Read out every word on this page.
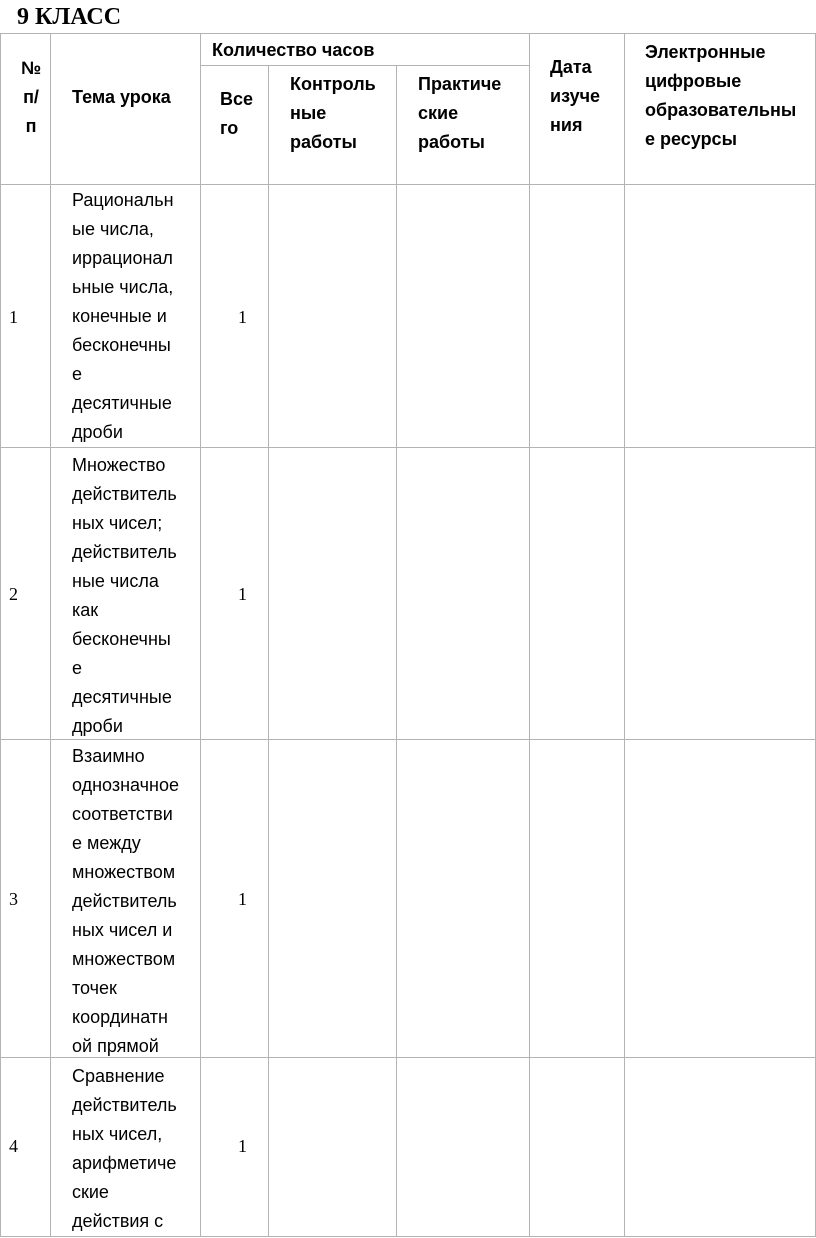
9 КЛАСС
№
п/
п
Тема урока
Количество часов
Все
го
Контроль
ные
работы
Практиче
ские
работы
Дата
изуче
ния
Электронные
цифровые
образовательны
е ресурсы
1
Рациональн
ые числа,
иррационал
ьные числа,
конечные и
бесконечны
е
десятичные
дроби
1
2
Множество
действитель
ных чисел;
действитель
ные числа
как
бесконечны
е
десятичные
дроби
1
3
Взаимно
однозначное
соответстви
е между
множеством
действитель
ных чисел и
множеством
точек
координатн
ой прямой
1
4
Сравнение
действитель
ных чисел,
арифметиче
ские
действия с
1
